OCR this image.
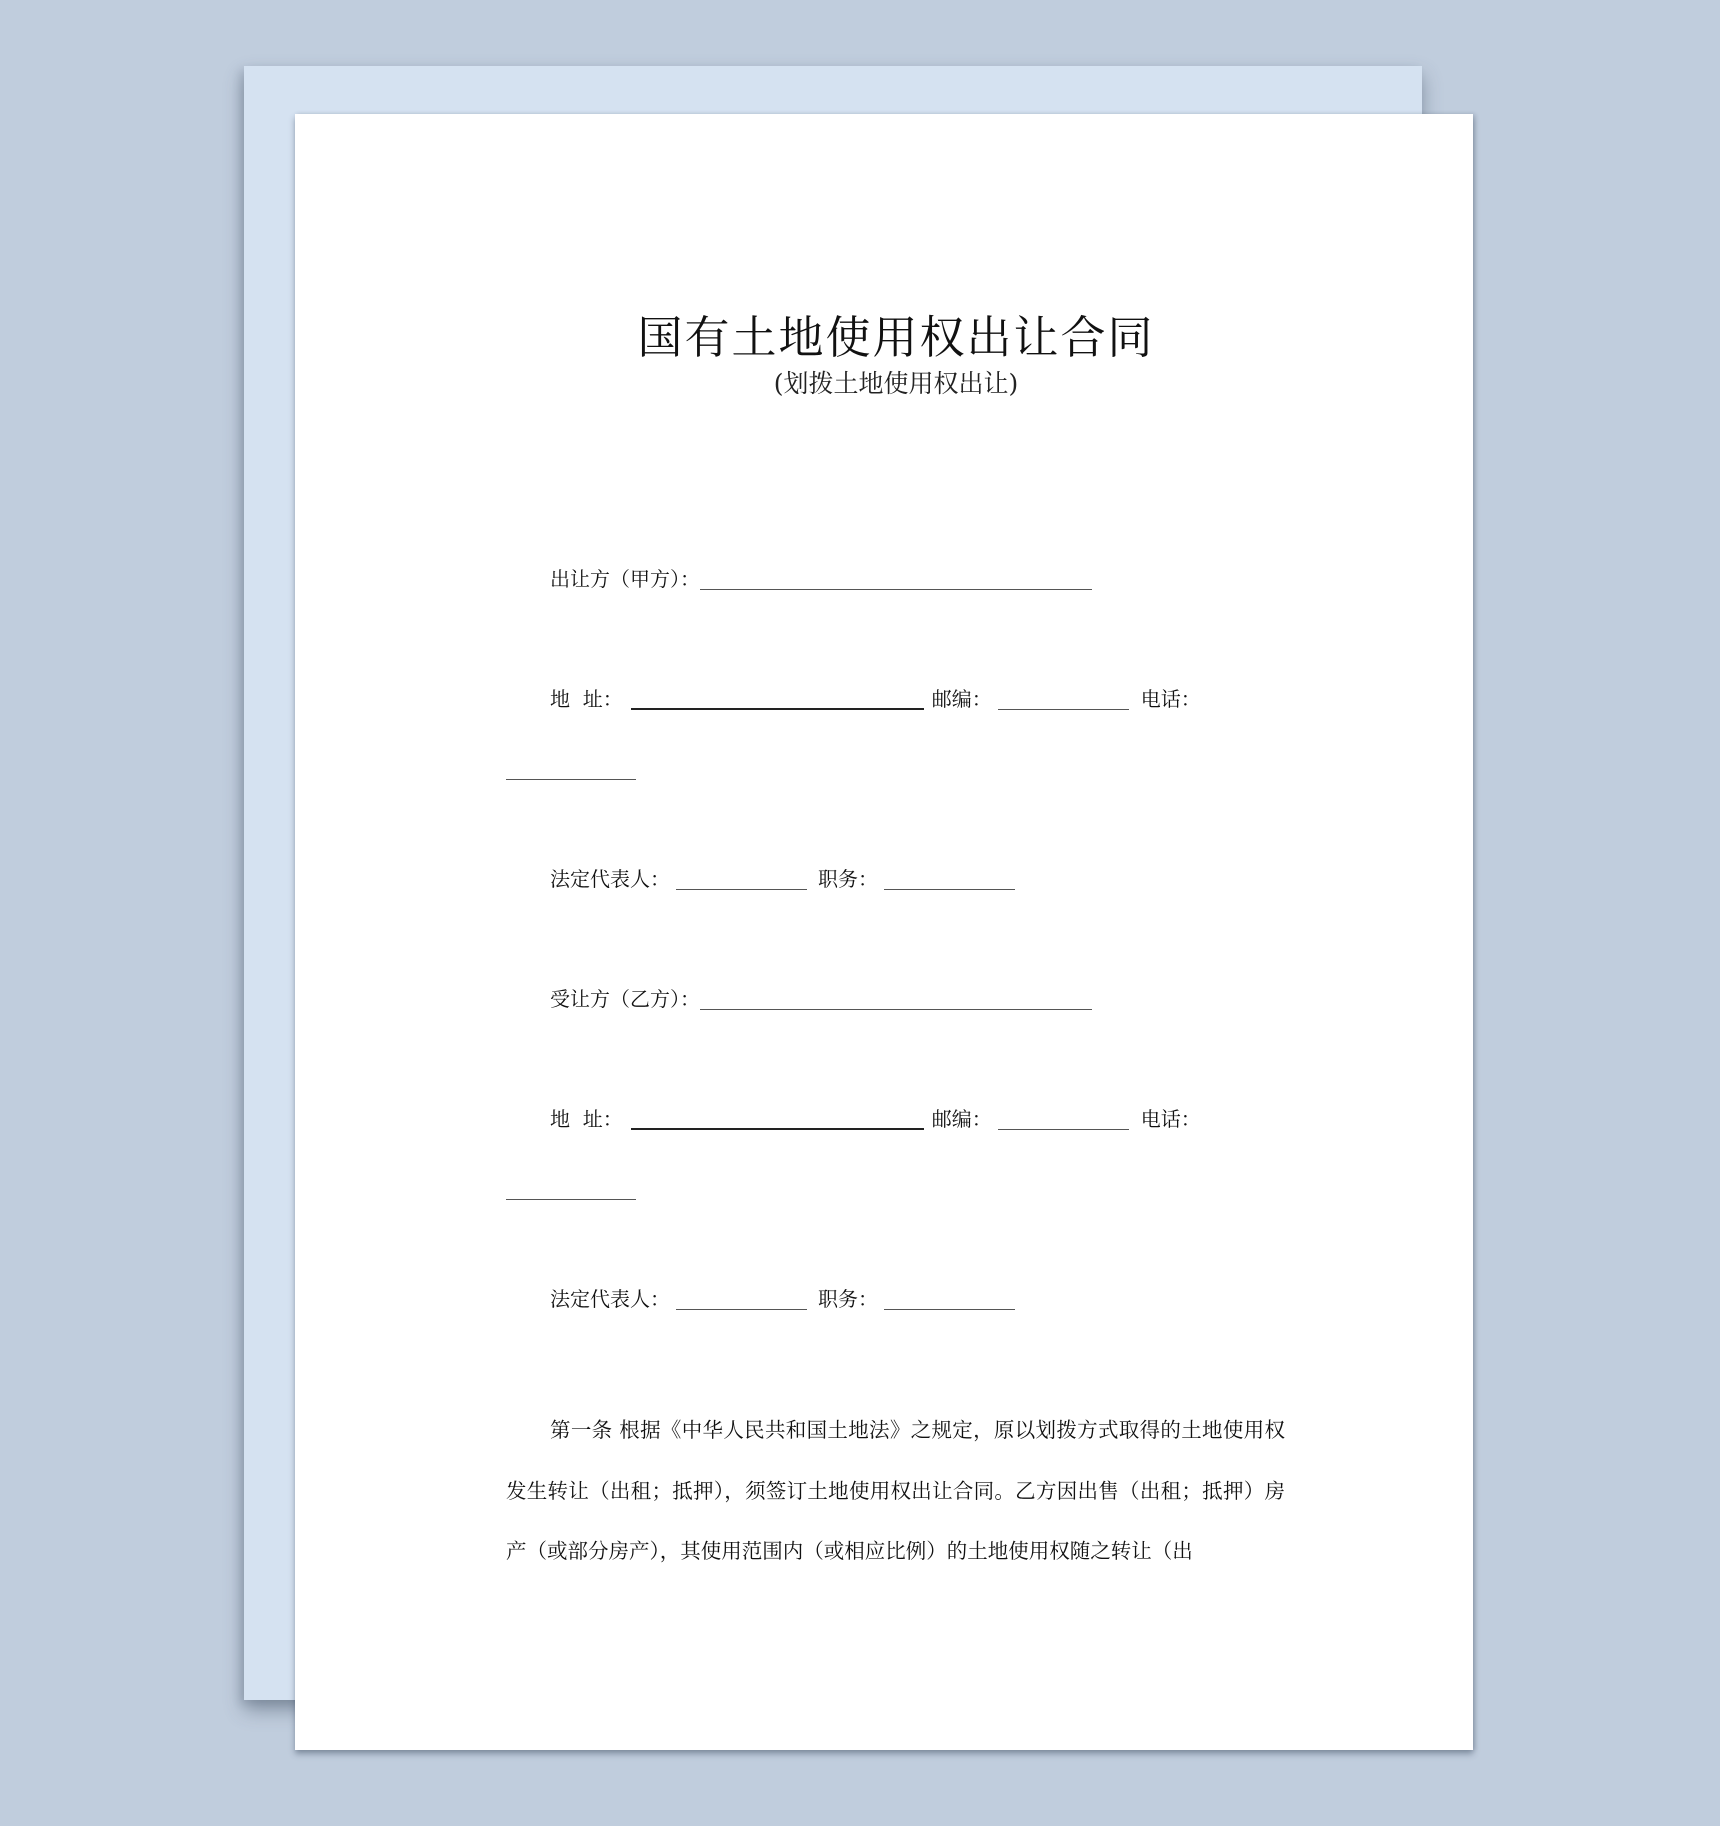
国有土地使用权出让合同
(划拨土地使用权出让)
出让方（甲方）：
地  址：	邮编：	电话：
法定代表人：	职务：
受让方（乙方）：
地  址：	邮编：	电话：
法定代表人：	职务：
第一条 根据《中华人民共和国土地法》之规定，原以划拨方式取得的土地使用权发生转让（出租；抵押），须签订土地使用权出让合同。乙方因出售（出租；抵押）房产（或部分房产），其使用范围内（或相应比例）的土地使用权随之转让（出
